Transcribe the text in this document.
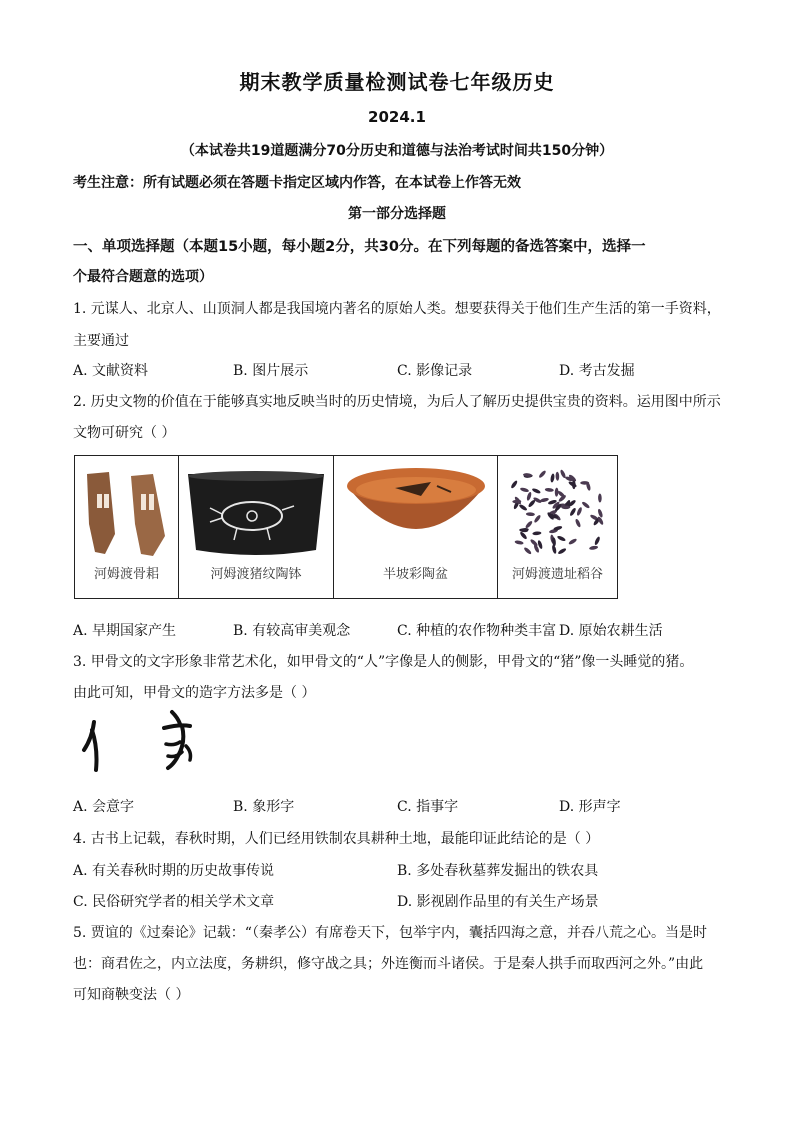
期末教学质量检测试卷七年级历史
2024.1
（本试卷共19道题满分70分历史和道德与法治考试时间共150分钟）
考生注意：所有试题必须在答题卡指定区域内作答，在本试卷上作答无效
第一部分选择题
一、单项选择题（本题15小题，每小题2分，共30分。在下列每题的备选答案中，选择一
个最符合题意的选项）
1. 元谋人、北京人、山顶洞人都是我国境内著名的原始人类。想要获得关于他们生产生活的第一手资料，
主要通过
A. 文献资料	B. 图片展示	C. 影像记录	D. 考古发掘
2. 历史文物的价值在于能够真实地反映当时的历史情境，为后人了解历史提供宝贵的资料。运用图中所示
文物可研究（ ）
河姆渡骨耜	河姆渡猪纹陶钵	半坡彩陶盆	河姆渡遗址稻谷
A. 早期国家产生	B. 有较高审美观念	C. 种植的农作物种类丰富 D. 原始农耕生活
3. 甲骨文的文字形象非常艺术化，如甲骨文的“人”字像是人的侧影，甲骨文的“猪”像一头睡觉的猪。
由此可知，甲骨文的造字方法多是（ ）
A. 会意字	B. 象形字	C. 指事字	D. 形声字
4. 古书上记载，春秋时期，人们已经用铁制农具耕种土地，最能印证此结论的是（ ）
A. 有关春秋时期的历史故事传说	B. 多处春秋墓葬发掘出的铁农具
C. 民俗研究学者的相关学术文章	D. 影视剧作品里的有关生产场景
5. 贾谊的《过秦论》记载：“（秦孝公）有席卷天下，包举宇内，囊括四海之意，并吞八荒之心。当是时
也：商君佐之，内立法度，务耕织，修守战之具；外连衡而斗诸侯。于是秦人拱手而取西河之外。”由此
可知商鞅变法（ ）
